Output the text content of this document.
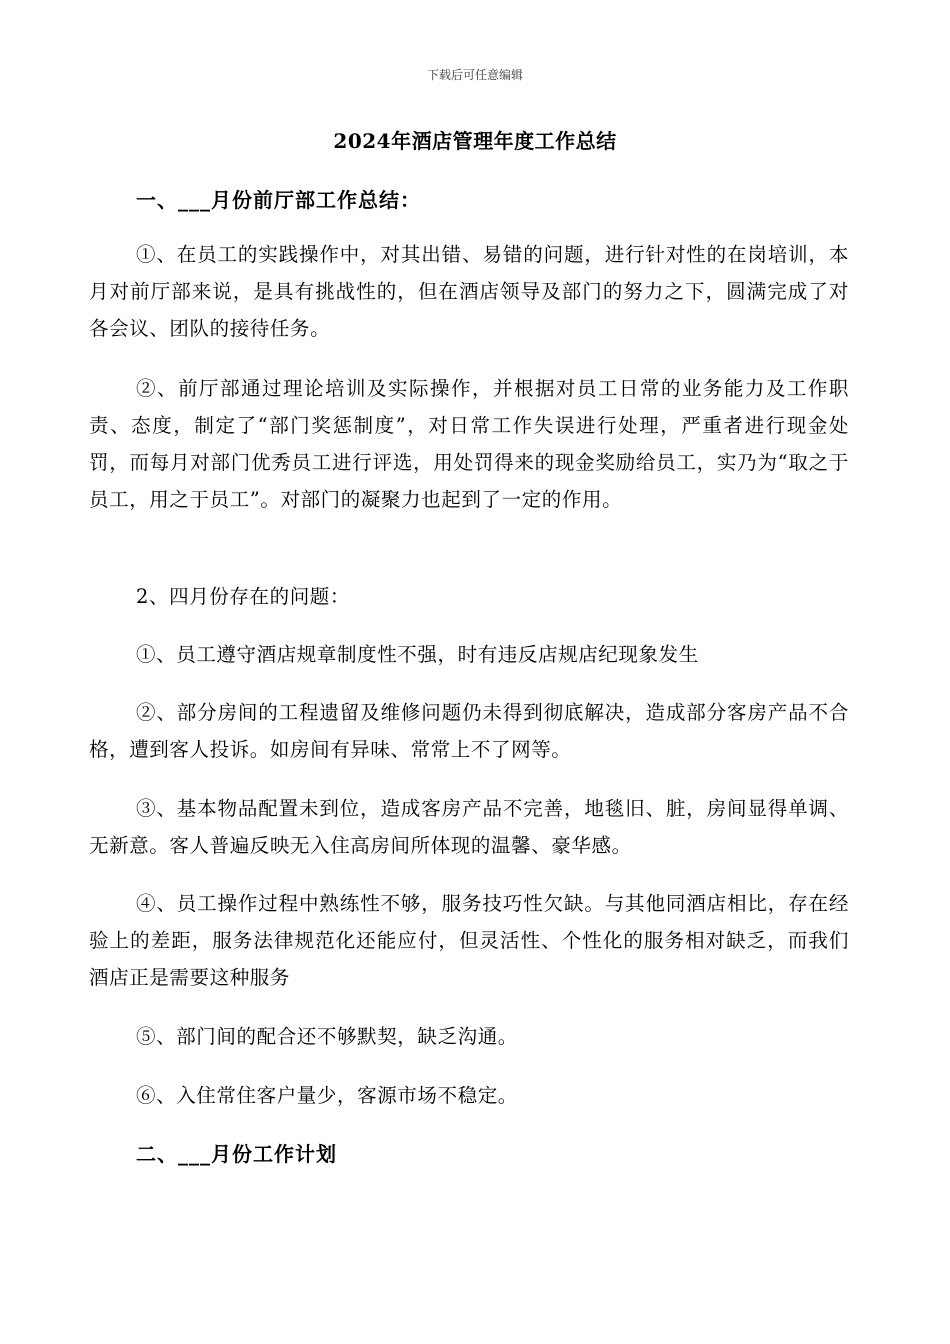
下载后可任意编辑
2024年酒店管理年度工作总结
一、___月份前厅部工作总结：
①、在员工的实践操作中，对其出错、易错的问题，进行针对性的在岗培训，本月对前厅部来说，是具有挑战性的，但在酒店领导及部门的努力之下，圆满完成了对各会议、团队的接待任务。
②、前厅部通过理论培训及实际操作，并根据对员工日常的业务能力及工作职责、态度，制定了“部门奖惩制度”，对日常工作失误进行处理，严重者进行现金处罚，而每月对部门优秀员工进行评选，用处罚得来的现金奖励给员工，实乃为“取之于员工，用之于员工”。对部门的凝聚力也起到了一定的作用。
2、四月份存在的问题：
①、员工遵守酒店规章制度性不强，时有违反店规店纪现象发生
②、部分房间的工程遗留及维修问题仍未得到彻底解决，造成部分客房产品不合格，遭到客人投诉。如房间有异味、常常上不了网等。
③、基本物品配置未到位，造成客房产品不完善，地毯旧、脏，房间显得单调、无新意。客人普遍反映无入住高房间所体现的温馨、豪华感。
④、员工操作过程中熟练性不够，服务技巧性欠缺。与其他同酒店相比，存在经验上的差距，服务法律规范化还能应付，但灵活性、个性化的服务相对缺乏，而我们酒店正是需要这种服务
⑤、部门间的配合还不够默契，缺乏沟通。
⑥、入住常住客户量少，客源市场不稳定。
二、___月份工作计划
